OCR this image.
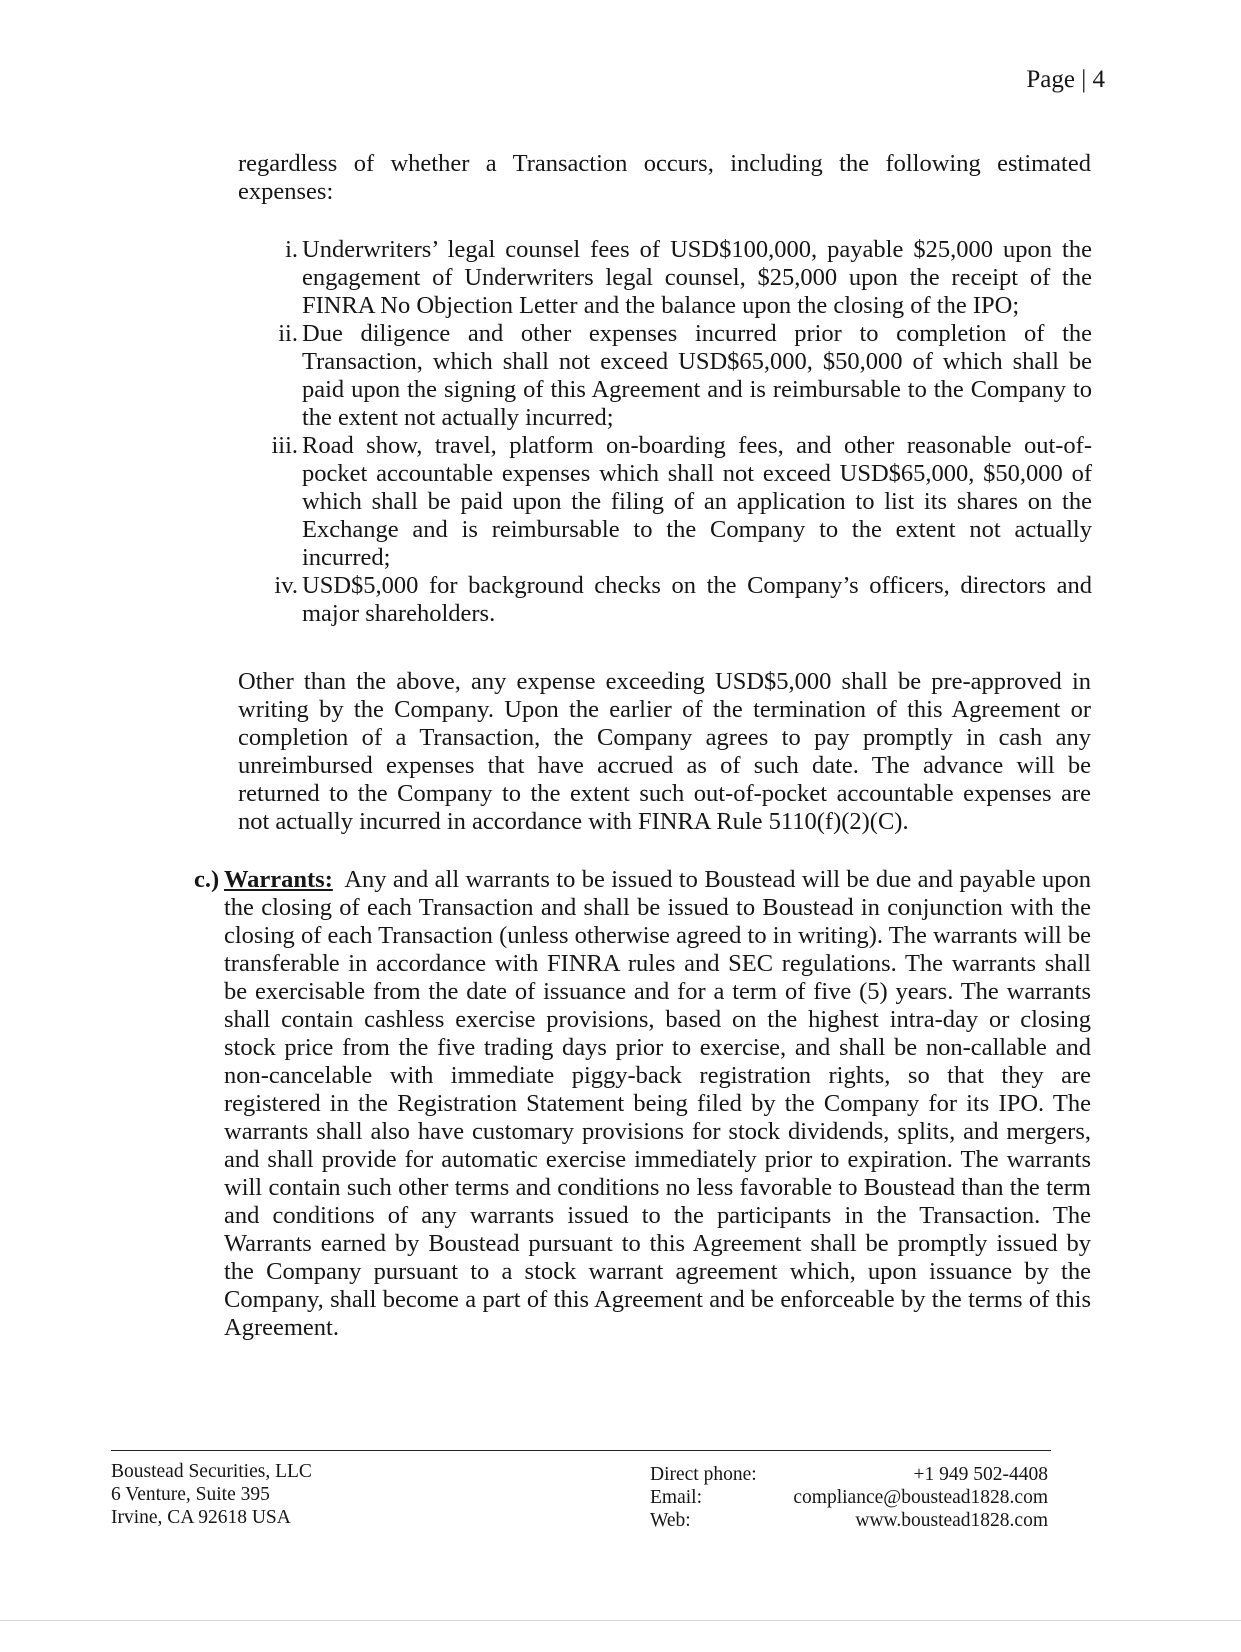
Page | 4
regardless of whether a Transaction occurs, including the following estimated expenses:
i. Underwriters’ legal counsel fees of USD$100,000, payable $25,000 upon the engagement of Underwriters legal counsel, $25,000 upon the receipt of the FINRA No Objection Letter and the balance upon the closing of the IPO;
ii. Due diligence and other expenses incurred prior to completion of the Transaction, which shall not exceed USD$65,000, $50,000 of which shall be paid upon the signing of this Agreement and is reimbursable to the Company to the extent not actually incurred;
iii. Road show, travel, platform on-boarding fees, and other reasonable out-of-pocket accountable expenses which shall not exceed USD$65,000, $50,000 of which shall be paid upon the filing of an application to list its shares on the Exchange and is reimbursable to the Company to the extent not actually incurred;
iv. USD$5,000 for background checks on the Company’s officers, directors and major shareholders.
Other than the above, any expense exceeding USD$5,000 shall be pre-approved in writing by the Company. Upon the earlier of the termination of this Agreement or completion of a Transaction, the Company agrees to pay promptly in cash any unreimbursed expenses that have accrued as of such date. The advance will be returned to the Company to the extent such out-of-pocket accountable expenses are not actually incurred in accordance with FINRA Rule 5110(f)(2)(C).
c.) Warrants: Any and all warrants to be issued to Boustead will be due and payable upon the closing of each Transaction and shall be issued to Boustead in conjunction with the closing of each Transaction (unless otherwise agreed to in writing). The warrants will be transferable in accordance with FINRA rules and SEC regulations. The warrants shall be exercisable from the date of issuance and for a term of five (5) years. The warrants shall contain cashless exercise provisions, based on the highest intra-day or closing stock price from the five trading days prior to exercise, and shall be non-callable and non-cancelable with immediate piggy-back registration rights, so that they are registered in the Registration Statement being filed by the Company for its IPO. The warrants shall also have customary provisions for stock dividends, splits, and mergers, and shall provide for automatic exercise immediately prior to expiration. The warrants will contain such other terms and conditions no less favorable to Boustead than the term and conditions of any warrants issued to the participants in the Transaction. The Warrants earned by Boustead pursuant to this Agreement shall be promptly issued by the Company pursuant to a stock warrant agreement which, upon issuance by the Company, shall become a part of this Agreement and be enforceable by the terms of this Agreement.
Boustead Securities, LLC
6 Venture, Suite 395
Irvine, CA 92618 USA
Direct phone:	+1 949 502-4408
Email:	compliance@boustead1828.com
Web:	www.boustead1828.com
